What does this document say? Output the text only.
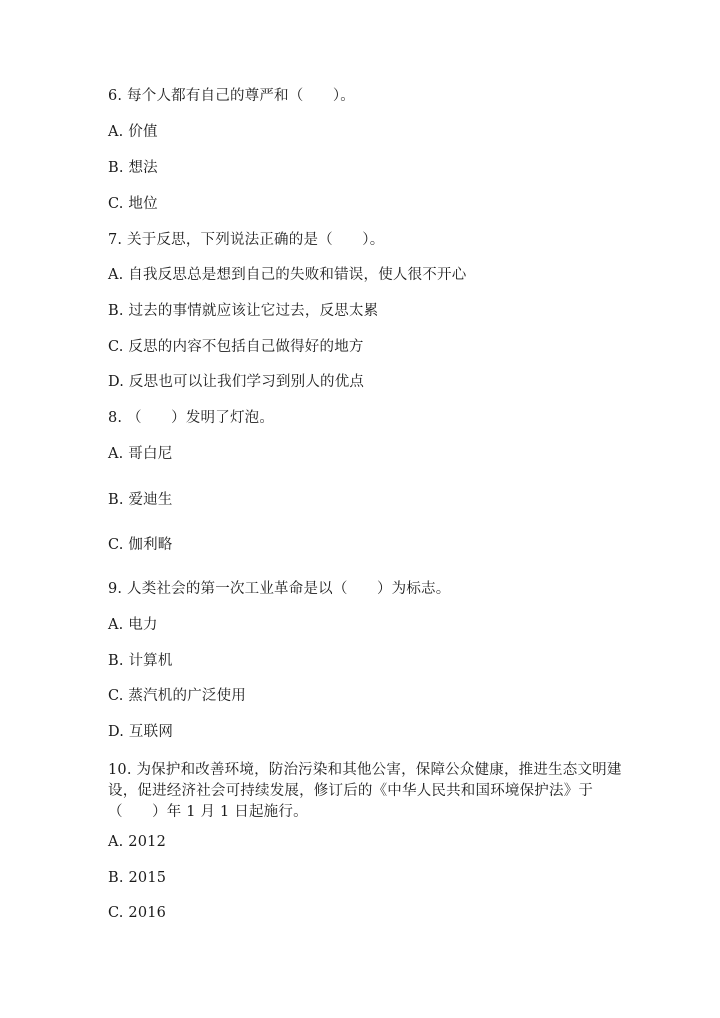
6. 每个人都有自己的尊严和（　　）。
A. 价值
B. 想法
C. 地位
7. 关于反思，下列说法正确的是（　　）。
A. 自我反思总是想到自己的失败和错误，使人很不开心
B. 过去的事情就应该让它过去，反思太累
C. 反思的内容不包括自己做得好的地方
D. 反思也可以让我们学习到别人的优点
8. （　　）发明了灯泡。
A. 哥白尼
B. 爱迪生
C. 伽利略
9. 人类社会的第一次工业革命是以（　　）为标志。
A. 电力
B. 计算机
C. 蒸汽机的广泛使用
D. 互联网
10. 为保护和改善环境，防治污染和其他公害，保障公众健康，推进生态文明建
设，促进经济社会可持续发展，修订后的《中华人民共和国环境保护法》于
（　　）年 1 月 1 日起施行。
A. 2012
B. 2015
C. 2016
